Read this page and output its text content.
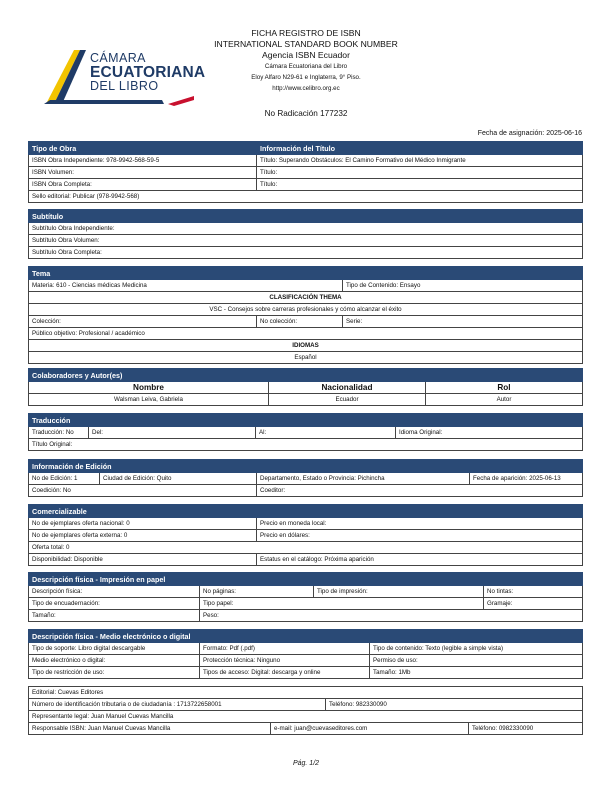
CÁMARA
ECUATORIANA
DEL LIBRO
FICHA REGISTRO DE ISBN
INTERNATIONAL STANDARD BOOK NUMBER
Agencia ISBN Ecuador
Cámara Ecuatoriana del Libro
Eloy Alfaro N29-61 e Inglaterra, 9° Piso.
http://www.celibro.org.ec
No Radicación 177232
Fecha de asignación: 2025-06-16
Tipo de Obra	Información del Título
ISBN Obra Independiente: 978-9942-568-59-5	Título: Superando Obstáculos: El Camino Formativo del Médico Inmigrante
ISBN Volumen:	Título:
ISBN Obra Completa:	Título:
Sello editorial: Publicar (978-9942-568)	
Subtítulo
Subtítulo Obra Independiente:
Subtítulo Obra Volumen:
Subtítulo Obra Completa:
Tema		
Materia: 610 - Ciencias médicas Medicina		Tipo de Contenido: Ensayo
CLASIFICACIÓN THEMA		
VSC - Consejos sobre carreras profesionales y cómo alcanzar el éxito		
Colección:	No colección:	Serie:
Público objetivo: Profesional / académico		
IDIOMAS		
Español		
Colaboradores y Autor(es)		
Nombre	Nacionalidad	Rol
Walsman Leiva, Gabriela	Ecuador	Autor
Traducción
Traducción: No	Del:	Al:	Idioma Original:
Título Original:
Información de Edición			
No de Edición: 1	Ciudad de Edición: Quito	Departamento, Estado o Provincia: Pichincha	Fecha de aparición: 2025-06-13
Coedición: No		Coeditor:	
Comercializable	
No de ejemplares oferta nacional: 0	Precio en moneda local:
No de ejemplares oferta externa: 0	Precio en dólares:
Oferta total: 0	
Disponibilidad: Disponible	Estatus en el catálogo: Próxima aparición
Descripción física - Impresión en papel			
Descripción física:	No páginas:	Tipo de impresión:	No tintas:
Tipo de encuadernación:	Tipo papel:		Gramaje:
Tamaño:	Peso:		
Descripción física - Medio electrónico o digital		
Tipo de soporte: Libro digital descargable	Formato: Pdf (.pdf)	Tipo de contenido: Texto (legible a simple vista)
Medio electrónico o digital:	Protección técnica: Ninguno	Permiso de uso:
Tipo de restricción de uso:	Tipos de acceso: Digital: descarga y online	Tamaño: 1Mb
Editorial: Cuevas Editores			
Número de identificación tributaria o de ciudadanía : 1713722658001		Teléfono: 982330090	
Representante legal: Juan Manuel Cuevas Mancilla			
Responsable ISBN: Juan Manuel Cuevas Mancilla	e-mail: juan@cuevaseditores.com		Teléfono: 0982330090
Pág. 1/2
